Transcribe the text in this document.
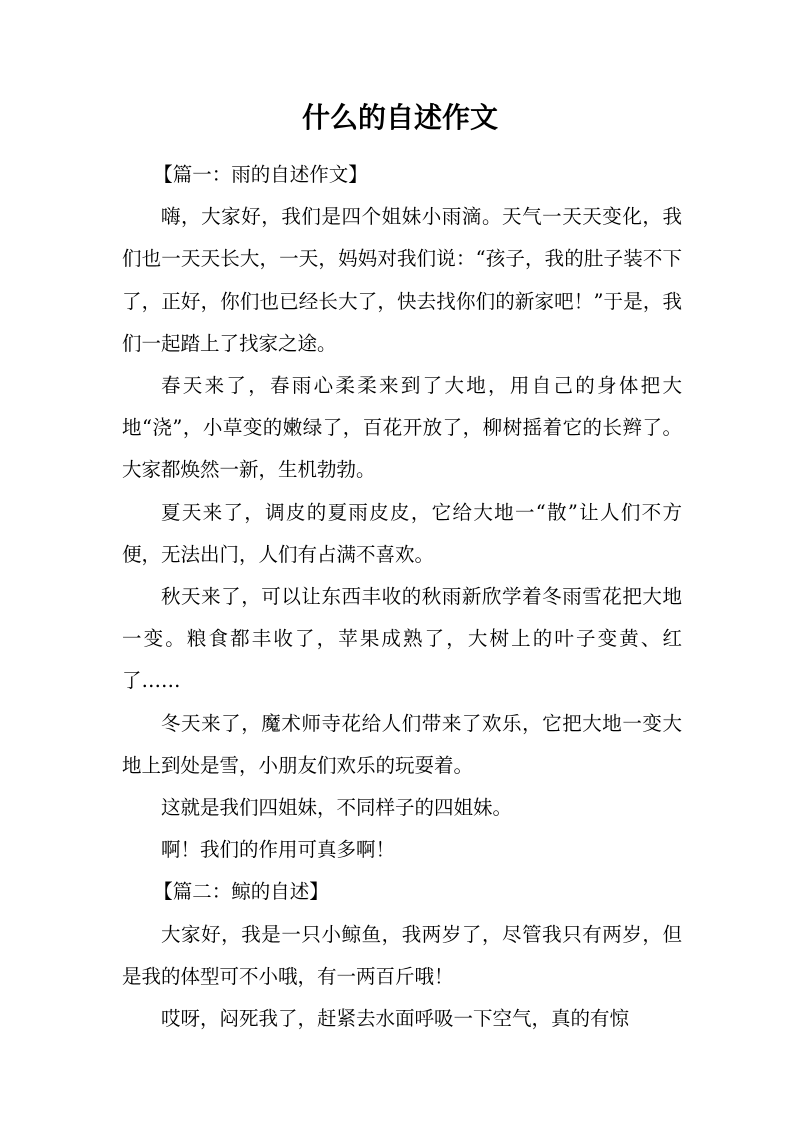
什么的自述作文

【篇一：雨的自述作文】

嗨，大家好，我们是四个姐妹小雨滴。天气一天天变化，我们也一天天长大，一天，妈妈对我们说：“孩子，我的肚子装不下了，正好，你们也已经长大了，快去找你们的新家吧！”于是，我们一起踏上了找家之途。

春天来了，春雨心柔柔来到了大地，用自己的身体把大地“浇”，小草变的嫩绿了，百花开放了，柳树摇着它的长辫了。大家都焕然一新，生机勃勃。

夏天来了，调皮的夏雨皮皮，它给大地一“散”让人们不方便，无法出门，人们有占满不喜欢。

秋天来了，可以让东西丰收的秋雨新欣学着冬雨雪花把大地一变。粮食都丰收了，苹果成熟了，大树上的叶子变黄、红了……

冬天来了，魔术师寺花给人们带来了欢乐，它把大地一变大地上到处是雪，小朋友们欢乐的玩耍着。

这就是我们四姐妹，不同样子的四姐妹。

啊！我们的作用可真多啊！

【篇二：鲸的自述】

大家好，我是一只小鲸鱼，我两岁了，尽管我只有两岁，但是我的体型可不小哦，有一两百斤哦！

哎呀，闷死我了，赶紧去水面呼吸一下空气，真的有惊
